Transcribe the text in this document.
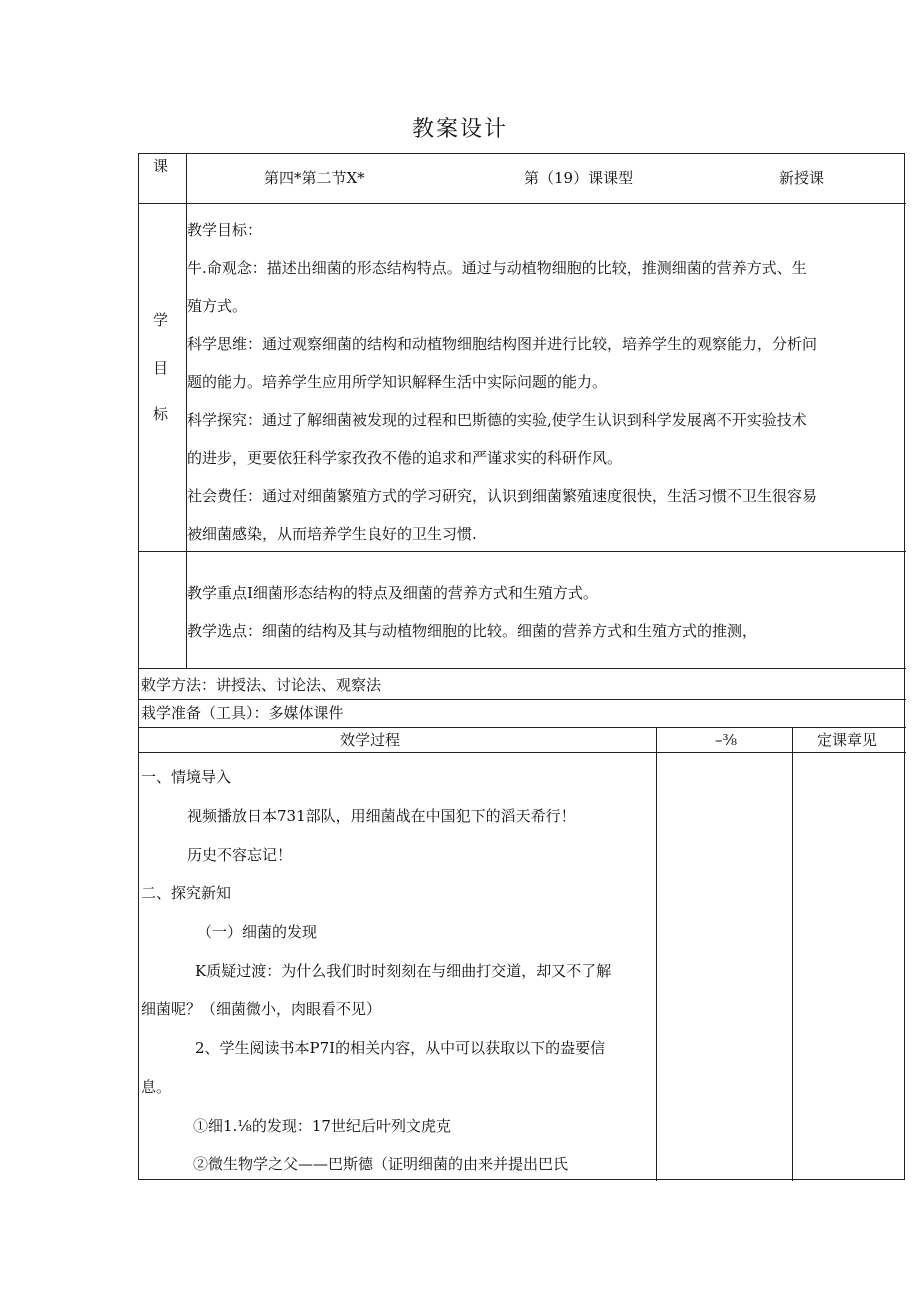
教案设计
课
第四*第二节X*	第（19）课课型	新授课
学
目
标
教学目标：
牛.命观念：描述出细菌的形态结构特点。通过与动植物细胞的比较，推测细菌的营养方式、生
殖方式。
科学思维：通过观察细菌的结构和动植物细胞结构图并进行比较，培养学生的观察能力，分析问
题的能力。培养学生应用所学知识解释生活中实际问题的能力。
科学探究：通过了解细菌被发现的过程和巴斯德的实验,使学生认识到科学发展离不开实验技术
的进步，更要依狂科学家孜孜不倦的追求和严谨求实的科研作风。
社会费任：通过对细菌繁殖方式的学习研究，认识到细菌繁殖速度很快，生活习惯不卫生很容易
被细菌感染，从而培养学生良好的卫生习惯.
教学重点I细菌形态结构的特点及细菌的营养方式和生殖方式。
教学选点：细菌的结构及其与动植物细胞的比较。细菌的营养方式和生殖方式的推测，
敕学方法：讲授法、讨论法、观察法
栽学准备（工具）：多媒体课件
效学过程	–⅜	定课章见
一、情境导入
视频播放日本731部队，用细菌战在中国犯下的滔天希行！
历史不容忘记！
二、探究新知
（一）细菌的发现
K质疑过渡：为什么我们时时刻刻在与细曲打交道，却又不了解
细菌呢？（细菌微小，肉眼看不见）
2、学生阅读书本P7I的相关内容，从中可以获取以下的盎要信
息。
①细1.⅛的发现：17世纪后叶列文虎克
②微生物学之父——巴斯德（证明细菌的由来并提出巴氏
